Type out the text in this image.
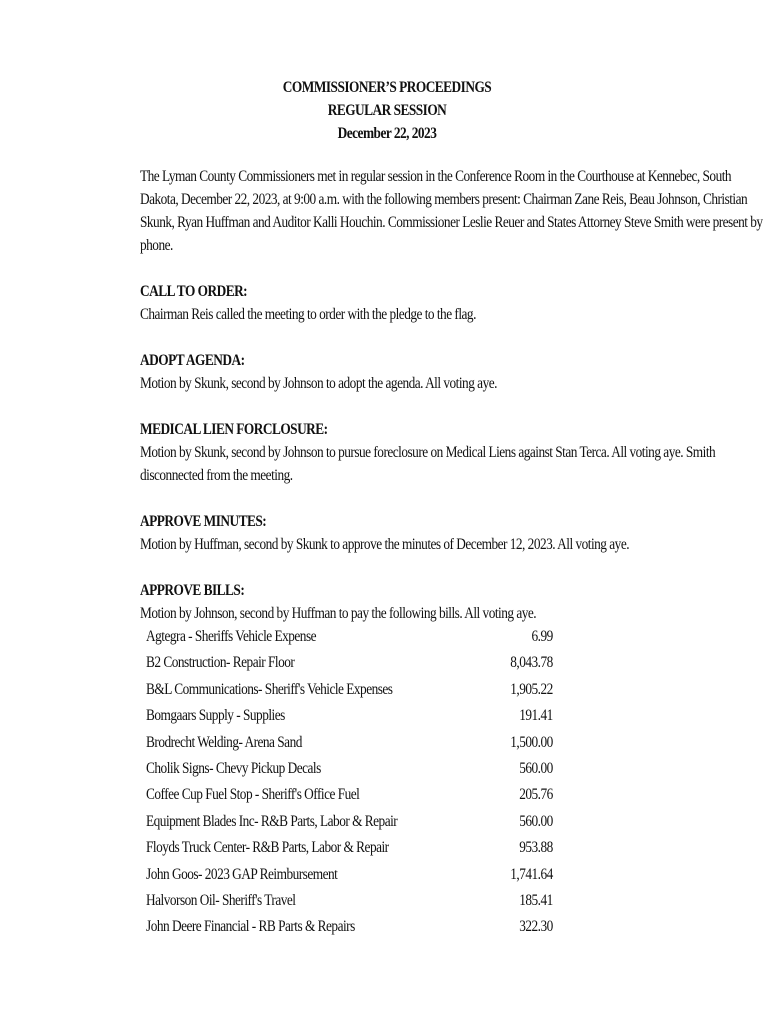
COMMISSIONER’S PROCEEDINGS
REGULAR SESSION
December 22, 2023
The Lyman County Commissioners met in regular session in the Conference Room in the Courthouse at Kennebec, South Dakota, December 22, 2023, at 9:00 a.m. with the following members present: Chairman Zane Reis, Beau Johnson, Christian Skunk, Ryan Huffman and Auditor Kalli Houchin. Commissioner Leslie Reuer and States Attorney Steve Smith were present by phone.
CALL TO ORDER:
Chairman Reis called the meeting to order with the pledge to the flag.
ADOPT AGENDA:
Motion by Skunk, second by Johnson to adopt the agenda. All voting aye.
MEDICAL LIEN FORCLOSURE:
Motion by Skunk, second by Johnson to pursue foreclosure on Medical Liens against Stan Terca. All voting aye. Smith disconnected from the meeting.
APPROVE MINUTES:
Motion by Huffman, second by Skunk to approve the minutes of December 12, 2023. All voting aye.
APPROVE BILLS:
Motion by Johnson, second by Huffman to pay the following bills. All voting aye.
Agtegra - Sheriffs Vehicle Expense	6.99
B2 Construction- Repair Floor	8,043.78
B&L Communications- Sheriff's Vehicle Expenses	1,905.22
Bomgaars Supply - Supplies	191.41
Brodrecht Welding- Arena Sand	1,500.00
Cholik Signs- Chevy Pickup Decals	560.00
Coffee Cup Fuel Stop - Sheriff's Office Fuel	205.76
Equipment Blades Inc- R&B Parts, Labor & Repair	560.00
Floyds Truck Center- R&B Parts, Labor & Repair	953.88
John Goos- 2023 GAP Reimbursement	1,741.64
Halvorson Oil- Sheriff's Travel	185.41
John Deere Financial - RB Parts & Repairs	322.30
